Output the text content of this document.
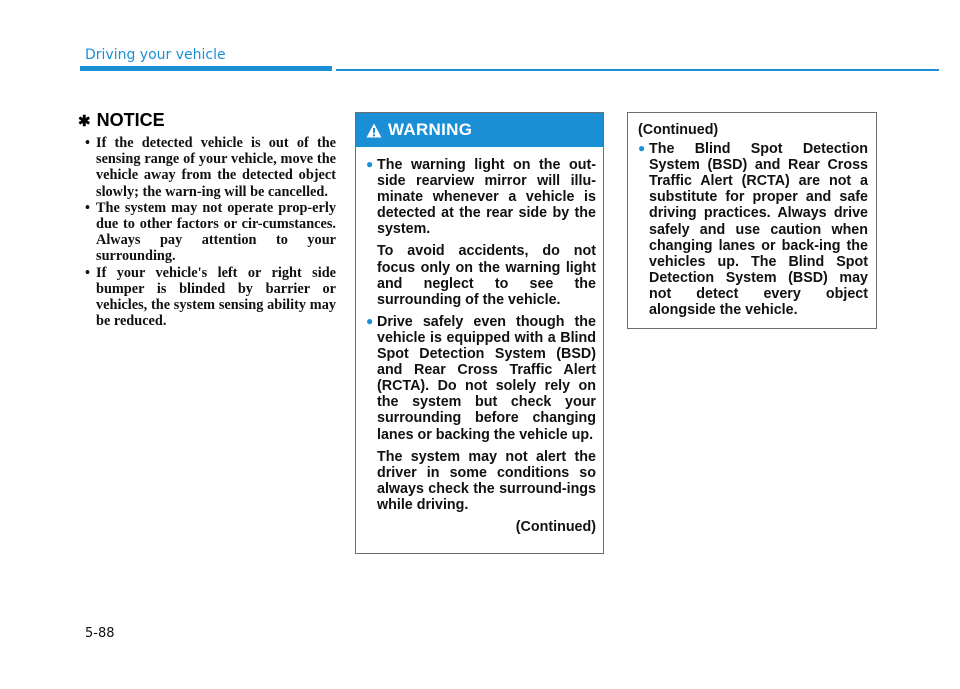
Driving your vehicle
✱ NOTICE
• If the detected vehicle is out of the sensing range of your vehicle, move the vehicle away from the detected object slowly; the warn-ing will be cancelled.
• The system may not operate prop-erly due to other factors or cir-cumstances. Always pay attention to your surrounding.
• If your vehicle's left or right side bumper is blinded by barrier or vehicles, the system sensing ability may be reduced.
WARNING
● The warning light on the out-side rearview mirror will illu-minate whenever a vehicle is detected at the rear side by the system.

To avoid accidents, do not focus only on the warning light and neglect to see the surrounding of the vehicle.

● Drive safely even though the vehicle is equipped with a Blind Spot Detection System (BSD) and Rear Cross Traffic Alert (RCTA). Do not solely rely on the system but check your surrounding before changing lanes or backing the vehicle up.

The system may not alert the driver in some conditions so always check the surround-ings while driving.

(Continued)

(Continued)

● The Blind Spot Detection System (BSD) and Rear Cross Traffic Alert (RCTA) are not a substitute for proper and safe driving practices. Always drive safely and use caution when changing lanes or back-ing the vehicles up. The Blind Spot Detection System (BSD) may not detect every object alongside the vehicle.

5-88
